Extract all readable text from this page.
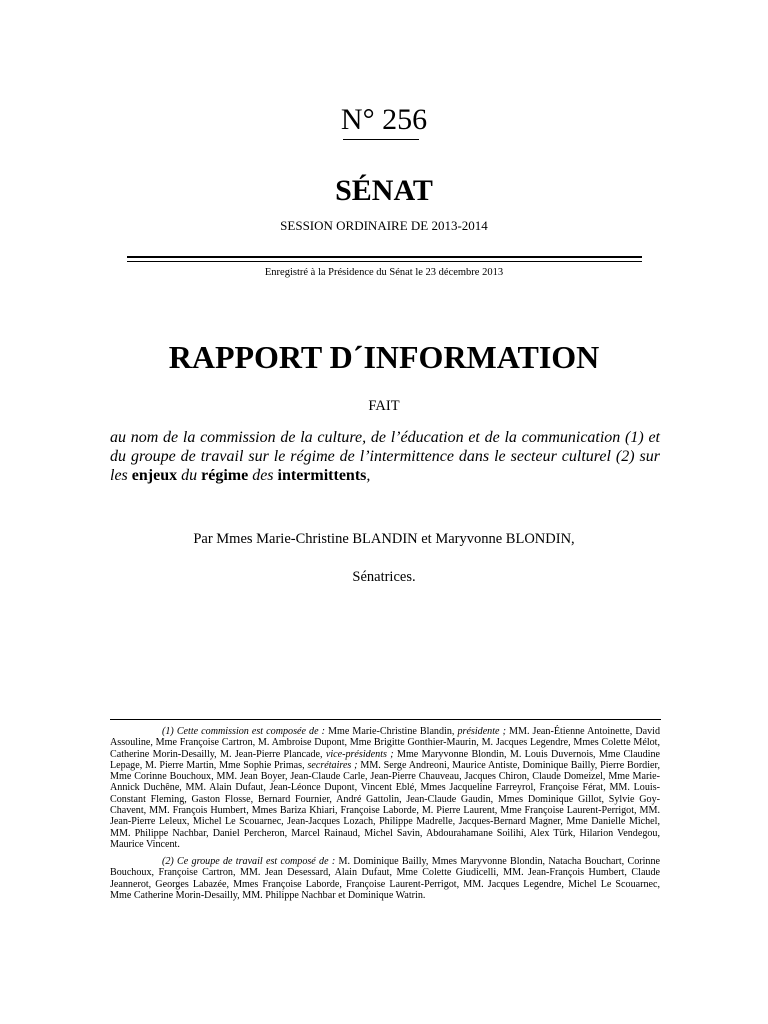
N° 256
SÉNAT
SESSION ORDINAIRE DE 2013-2014
Enregistré à la Présidence du Sénat le 23 décembre 2013
RAPPORT D´INFORMATION
FAIT
au nom de la commission de la culture, de l’éducation et de la communication (1) et du groupe de travail sur le régime de l’intermittence dans le secteur culturel (2) sur les enjeux du régime des intermittents,
Par Mmes Marie-Christine BLANDIN et Maryvonne BLONDIN,
Sénatrices.
(1) Cette commission est composée de : Mme Marie-Christine Blandin, présidente ; MM. Jean-Étienne Antoinette, David Assouline, Mme Françoise Cartron, M. Ambroise Dupont, Mme Brigitte Gonthier-Maurin, M. Jacques Legendre, Mmes Colette Mélot, Catherine Morin-Desailly, M. Jean-Pierre Plancade, vice-présidents ; Mme Maryvonne Blondin, M. Louis Duvernois, Mme Claudine Lepage, M. Pierre Martin, Mme Sophie Primas, secrétaires ; MM. Serge Andreoni, Maurice Antiste, Dominique Bailly, Pierre Bordier, Mme Corinne Bouchoux, MM. Jean Boyer, Jean-Claude Carle, Jean-Pierre Chauveau, Jacques Chiron, Claude Domeizel, Mme Marie-Annick Duchêne, MM. Alain Dufaut, Jean-Léonce Dupont, Vincent Eblé, Mmes Jacqueline Farreyrol, Françoise Férat, MM. Louis-Constant Fleming, Gaston Flosse, Bernard Fournier, André Gattolin, Jean-Claude Gaudin, Mmes Dominique Gillot, Sylvie Goy-Chavent, MM. François Humbert, Mmes Bariza Khiari, Françoise Laborde, M. Pierre Laurent, Mme Françoise Laurent-Perrigot, MM. Jean-Pierre Leleux, Michel Le Scouarnec, Jean-Jacques Lozach, Philippe Madrelle, Jacques-Bernard Magner, Mme Danielle Michel, MM. Philippe Nachbar, Daniel Percheron, Marcel Rainaud, Michel Savin, Abdourahamane Soilihi, Alex Türk, Hilarion Vendegou, Maurice Vincent.
(2) Ce groupe de travail est composé de : M. Dominique Bailly, Mmes Maryvonne Blondin, Natacha Bouchart, Corinne Bouchoux, Françoise Cartron, MM. Jean Desessard, Alain Dufaut, Mme Colette Giudicelli, MM. Jean-François Humbert, Claude Jeannerot, Georges Labazée, Mmes Françoise Laborde, Françoise Laurent-Perrigot, MM. Jacques Legendre, Michel Le Scouarnec, Mme Catherine Morin-Desailly, MM. Philippe Nachbar et Dominique Watrin.
